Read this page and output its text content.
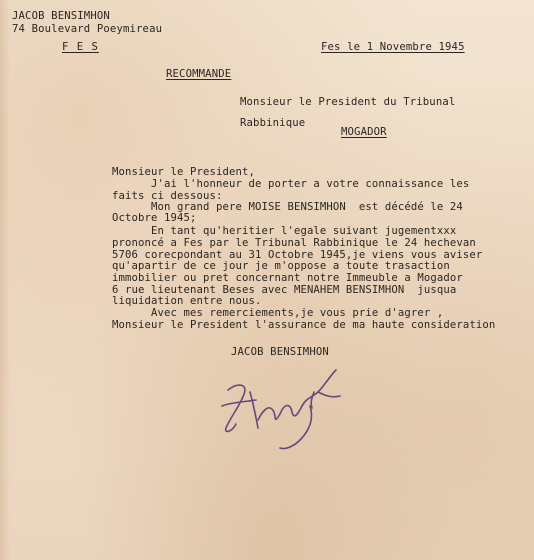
JACOB BENSIMHON
74 Boulevard Poeymireau
F E S	Fes le 1 Novembre 1945
RECOMMANDE
Monsieur le President du Tribunal
Rabbinique
MOGADOR
Monsieur le President,
J'ai l'honneur de porter a votre connaissance les
faits ci dessous:
Mon grand pere MOISE BENSIMHON  est décédé le 24
Octobre 1945;
En tant qu'heritier l'egale suivant jugementxxx
prononcé a Fes par le Tribunal Rabbinique le 24 hechevan
5706 corecpondant au 31 Octobre 1945,je viens vous aviser
qu'apartir de ce jour je m'oppose a toute trasaction
immobilier ou pret concernant notre Immeuble a Mogador
6 rue lieutenant Beses avec MENAHEM BENSIMHON  jusqua
liquidation entre nous.
Avec mes remerciements,je vous prie d'agrer ,
Monsieur le President l'assurance de ma haute consideration
JACOB BENSIMHON
